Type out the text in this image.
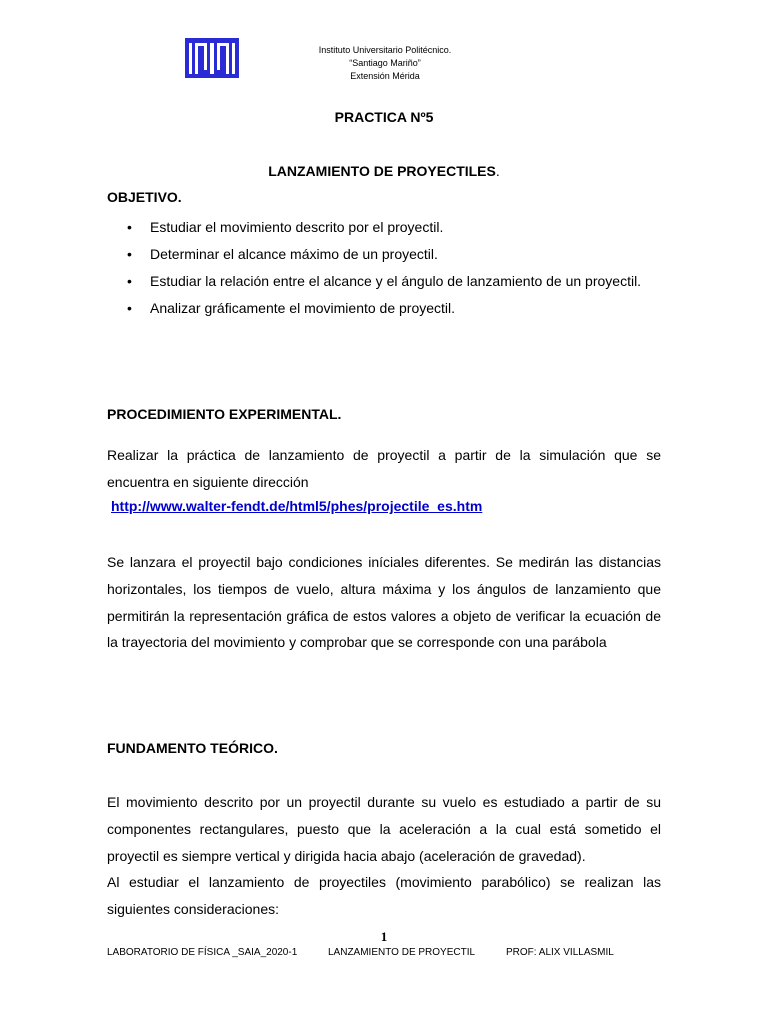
Instituto Universitario Politécnico.
“Santiago Mariño”
Extensión Mérida
PRACTICA Nº5
LANZAMIENTO DE PROYECTILES.
OBJETIVO.
• Estudiar el movimiento descrito por el proyectil.
• Determinar el alcance máximo de un proyectil.
• Estudiar la relación entre el alcance y el ángulo de lanzamiento de un proyectil.
• Analizar gráficamente el movimiento de proyectil.
PROCEDIMIENTO EXPERIMENTAL.

Realizar la práctica de lanzamiento de proyectil a partir de la simulación que se encuentra en siguiente dirección

http://www.walter-fendt.de/html5/phes/projectile_es.htm

Se lanzara el proyectil bajo condiciones iníciales diferentes. Se medirán las distancias horizontales, los tiempos de vuelo, altura máxima y los ángulos de lanzamiento que permitirán la representación gráfica de estos valores a objeto de verificar la ecuación de la trayectoria del movimiento y comprobar que se corresponde con una parábola

FUNDAMENTO TEÓRICO.

El movimiento descrito por un proyectil durante su vuelo es estudiado a partir de su componentes rectangulares, puesto que la aceleración a la cual está sometido el proyectil es siempre vertical y dirigida hacia abajo (aceleración de gravedad).

Al estudiar el lanzamiento de proyectiles (movimiento parabólico) se realizan las siguientes consideraciones:

1
LABORATORIO DE FÍSICA _SAIA_2020-1	LANZAMIENTO DE PROYECTIL	PROF: ALIX VILLASMIL
